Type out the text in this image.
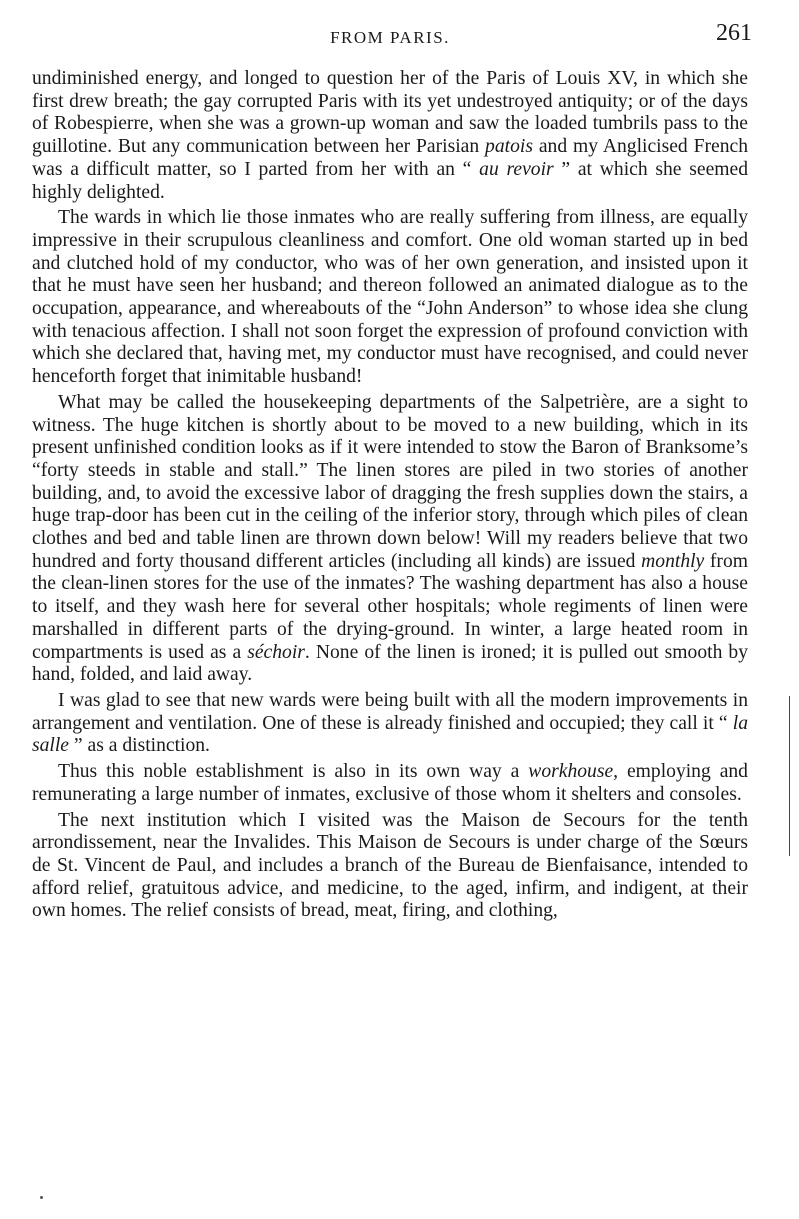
FROM PARIS.	261

undiminished energy, and longed to question her of the Paris of Louis XV, in which she first drew breath; the gay corrupted Paris with its yet undestroyed antiquity; or of the days of Robespierre, when she was a grown-up woman and saw the loaded tumbrils pass to the guillotine. But any communication between her Parisian patois and my Anglicised French was a difficult matter, so I parted from her with an “ au revoir ” at which she seemed highly delighted.

The wards in which lie those inmates who are really suffering from illness, are equally impressive in their scrupulous cleanliness and comfort. One old woman started up in bed and clutched hold of my conductor, who was of her own generation, and insisted upon it that he must have seen her husband; and thereon followed an animated dialogue as to the occupation, appearance, and whereabouts of the “John Anderson” to whose idea she clung with tenacious affection. I shall not soon forget the expression of profound conviction with which she declared that, having met, my conductor must have recognised, and could never henceforth forget that inimitable husband!

What may be called the housekeeping departments of the Salpetrière, are a sight to witness. The huge kitchen is shortly about to be moved to a new building, which in its present unfinished condition looks as if it were intended to stow the Baron of Branksome’s “forty steeds in stable and stall.” The linen stores are piled in two stories of another building, and, to avoid the excessive labor of dragging the fresh supplies down the stairs, a huge trap-door has been cut in the ceiling of the inferior story, through which piles of clean clothes and bed and table linen are thrown down below! Will my readers believe that two hundred and forty thousand different articles (including all kinds) are issued monthly from the clean-linen stores for the use of the inmates? The washing department has also a house to itself, and they wash here for several other hospitals; whole regiments of linen were marshalled in different parts of the drying-ground. In winter, a large heated room in compartments is used as a séchoir. None of the linen is ironed; it is pulled out smooth by hand, folded, and laid away.

I was glad to see that new wards were being built with all the modern improvements in arrangement and ventilation. One of these is already finished and occupied; they call it “ la salle ” as a distinction.

Thus this noble establishment is also in its own way a workhouse, employing and remunerating a large number of inmates, exclusive of those whom it shelters and consoles.

The next institution which I visited was the Maison de Secours for the tenth arrondissement, near the Invalides. This Maison de Secours is under charge of the Sœurs de St. Vincent de Paul, and includes a branch of the Bureau de Bienfaisance, intended to afford relief, gratuitous advice, and medicine, to the aged, infirm, and indigent, at their own homes. The relief consists of bread, meat, firing, and clothing,
